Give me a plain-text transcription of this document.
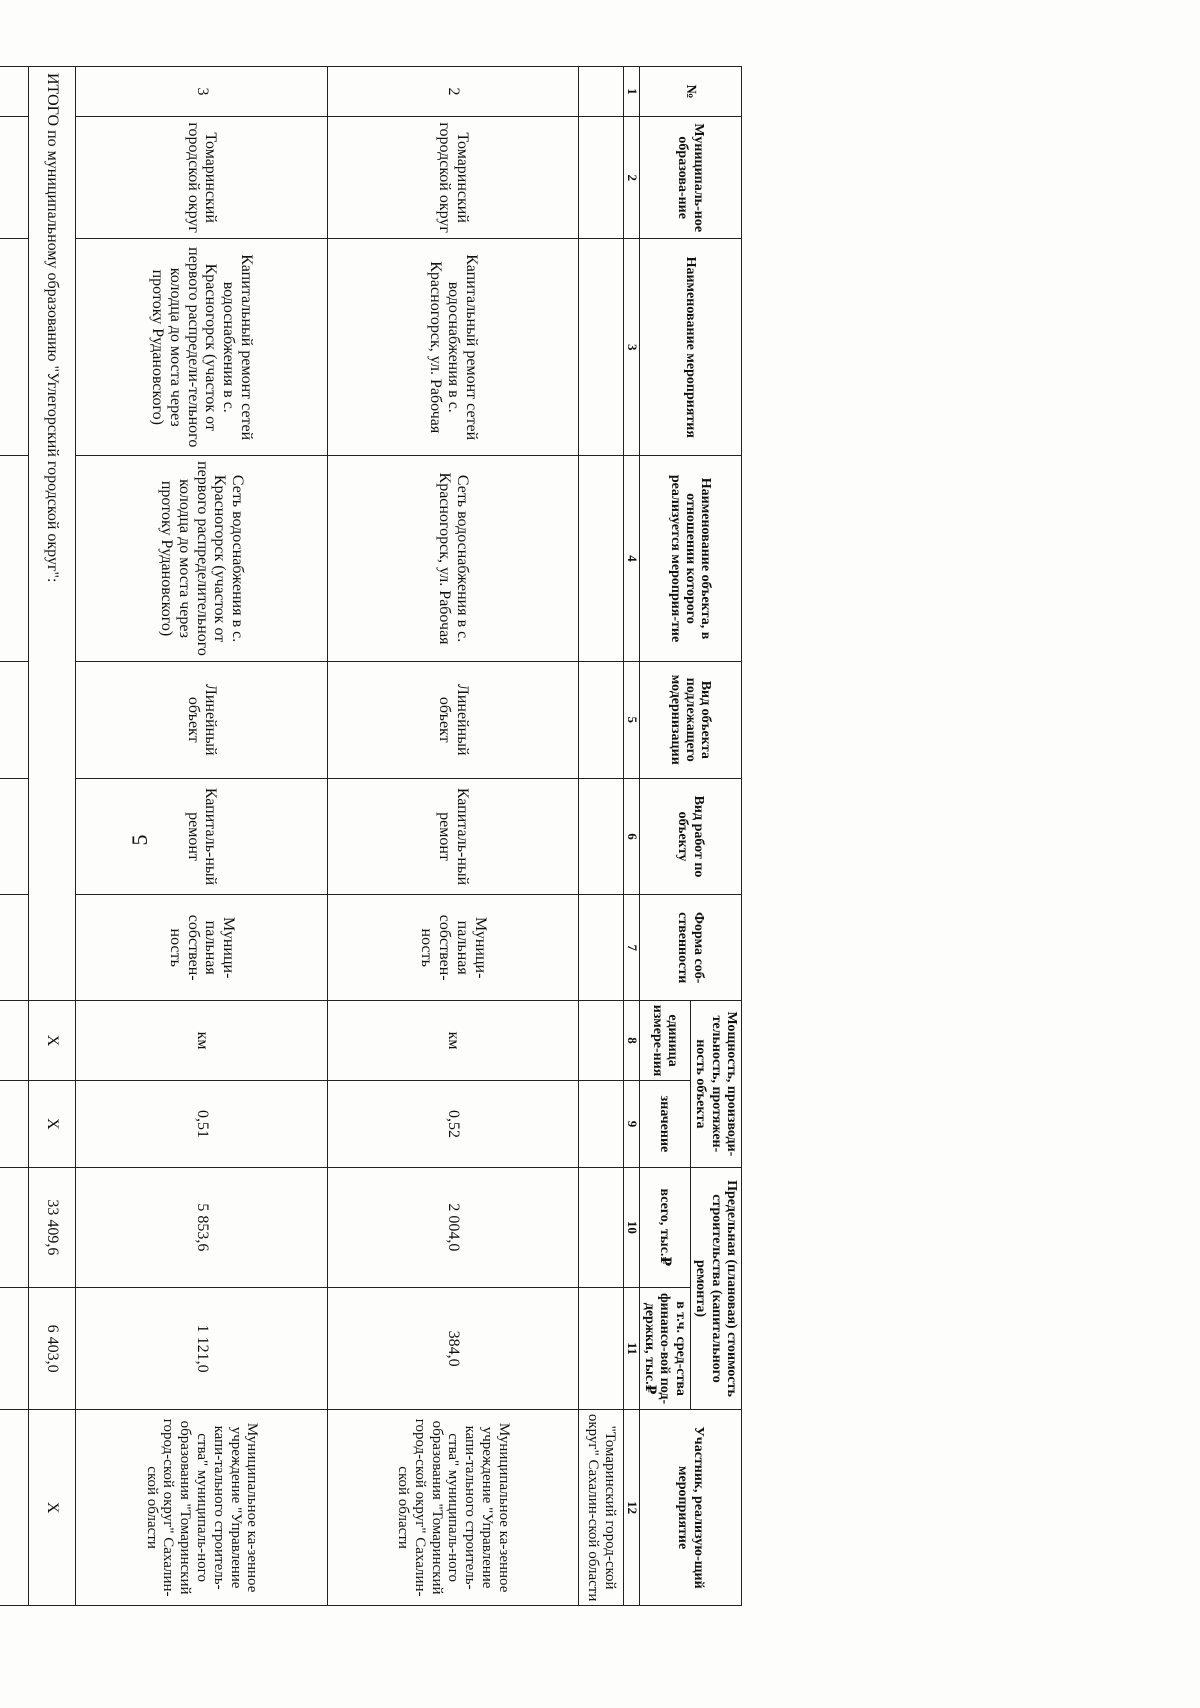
5
№	Муниципаль-ное образова-ние	Наименование мероприятия	Наименование объекта, в отношении которого реализуется мероприя-тие	Вид объекта подлежащего модернизации	Вид работ по объекту	Форма соб-ственности	Мощность, производи-тельность, протяжен-ность объекта		Предельная (плановая) стоимость строительства (капитального ремонта)		Участник, реализую-щий мероприятие
							единица измере-ния	значение	всего, тыс.₽	в т.ч. сред-ства финансо-вой под-держки, тыс.₽	
1	2	3	4	5	6	7	8	9	10	11	12
											"Томаринский город-ской округ" Сахалин-ской области
2	Томаринский городской округ	Капитальный ремонт сетей водоснабжения в с. Красногорск, ул. Рабочая	Сеть водоснабжения в с. Красногорск, ул. Рабочая	Линейный объект	Капиталь-ный ремонт	Муници-пальная собствен-ность	км	0,52	2 004,0	384,0	Муниципальное ка-зенное учреждение "Управление капи-тального строитель-ства" муниципаль-ного образования "Томаринский город-ской округ" Сахалин-ской области
3	Томаринский городской округ	Капитальный ремонт сетей водоснабжения в с. Красногорск (участок от первого распредели-тельного колодца до моста через протоку Рудановского)	Сеть водоснабжения в с. Красногорск (участок от первого распределительного колодца до моста через протоку Рудановского)	Линейный объект	Капиталь-ный ремонт	Муници-пальная собствен-ность	км	0,51	5 853,6	1 121,0	Муниципальное ка-зенное учреждение "Управление капи-тального строитель-ства" муниципаль-ного образования "Томаринский город-ской округ" Сахалин-ской области
ИТОГО по муниципальному образованию "Углегорский городской округ":							X	X	33 409,6	6 403,0	X
